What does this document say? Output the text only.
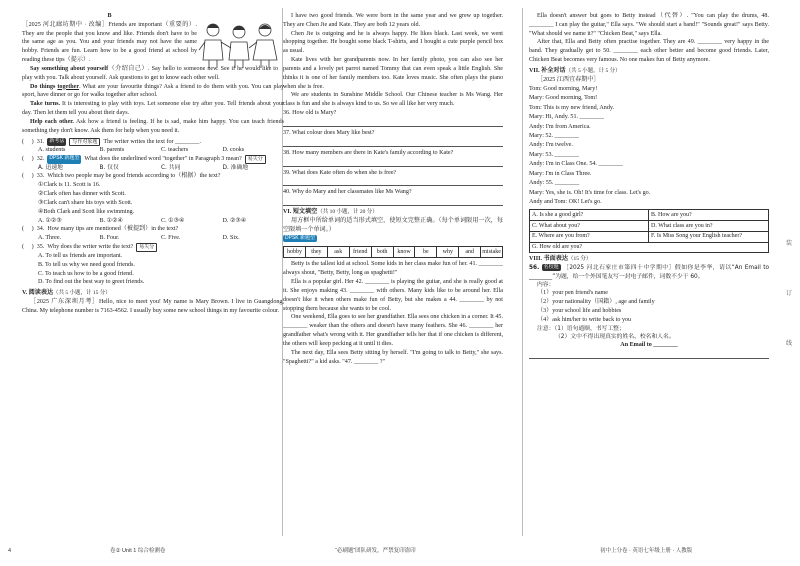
B

［2025 河北廊坊期中 · 改编］Friends are important（重要的）. They are the people that you know and like. Friends don't have to be the same age as you. You and your friends may not have the same hobby. Friends are fun. Learn how to be a good friend at school by reading these tips（提示）.

Say something about yourself（介绍自己）. Say hello to someone new. See if he would like to play with you. Talk about yourself. Ask questions to get to know each other well.

Do things together. What are your favourite things? Ask a friend to do them with you. You can play sport, have dinner or go for walks together after school.

Take turns. It is interesting to play with toys. Let someone else try after you. Tell friends about your day. Then let them tell you about their days.

Help each other. Ask how a friend is feeling. If he is sad, make him happy. You can teach friends something they don't know. Ask them for help when you need it.

(     ) 31.	新考法	写作对象题 The writer writes the text for ________.
A. students	B. parents	C. teachers	D. cooks
(     ) 32.	DPSK 新题型 What does the underlined word "together" in Paragraph 3 mean?	易失分
A. 迅速地	B. 仅仅	C. 共同	D. 准确地
(     ) 33. Which two people may be good friends according to（根据）the text?
①Clark is 11. Scott is 16.
②Clark often has dinner with Scott.
③Clark can't share his toys with Scott.
④Both Clark and Scott like swimming.
A. ①②③	B. ①②④	C. ①③④	D. ②③④
(     ) 34. How many tips are mentioned（被提到）in the text?
A. Three.	B. Four.	C. Five.	D. Six.
(     ) 35. Why does the writer write the text?	易失分
A. To tell us friends are important.
B. To tell us why we need good friends.
C. To teach us how to be a good friend.
D. To find out the best way to greet friends.
V. 阅读表达（共 5 小题，计 15 分）

［2025 广东深圳月考］Hello, nice to meet you! My name is Mary Brown. I live in Guangdong, China. My telephone number is 7163-4562. I usually buy some new school things in my favourite colour.

I have two good friends. We were born in the same year and we grew up together. They are Chen Jie and Kate. They are both 12 years old.

Chen Jie is outgoing and he is always happy. He likes black. Last week, we went shopping together. He bought some black T-shirts, and I bought a cute purple pencil box as usual.

Kate lives with her grandparents now. In her family photo, you can also see her parents and a lovely pet parrot named Tommy that can even speak a little English. She thinks it is one of her family members too. Kate loves music. She often plays the piano when she is free.

We are students in Sunshine Middle School. Our Chinese teacher is Ms Wang. Her class is fun and she is always kind to us. So we all like her very much.

36. How old is Mary?
37. What colour does Mary like best?
38. How many members are there in Kate's family according to Kate?
39. What does Kate often do when she is free?
40. Why do Mary and her classmates like Ms Wang?
VI. 短文填空（共 10 小题，计 20 分）

用方框中所给单词的适当形式填空，使短文完整正确。（每个单词限用一次，每空限填一个单词。）

DPSK 新题型
hobby	they	ask	friend	both	know	be	why	and	mistake

Betty is the tallest kid at school. Some kids in her class make fun of her. 41. ________ always shout, "Betty, Betty, long as spaghetti!"

Ella is a popular girl. Her 42. ________ is playing the guitar, and she is really good at it. She enjoys making 43. ________ with others. Many kids like to be around her. Ella doesn't like it when others make fun of Betty, but she makes a 44. ________ by not stopping them because she wants to be cool.

One weekend, Ella goes to see her grandfather. Ella sees one chicken in a corner. It 45. ________ weaker than the others and doesn't have many feathers. She 46. ________ her grandfather what's wrong with it. Her grandfather tells her that if one chicken is different, the others will keep pecking at it until it dies.

The next day, Ella sees Betty sitting by herself. "I'm going to talk to Betty," she says. "Spaghetti?" a kid asks. "47. ________ ?"

Ella doesn't answer but goes to Betty instead（代替）. "You can play the drums, 48. ________ I can play the guitar," Ella says. "We should start a band!" "Sounds great!" says Betty. "What should we name it?" "Chicken Beat," says Ella.

After that, Ella and Betty often practise together. They are 49. ________ very happy in the band. They gradually get to 50. ________ each other better and become good friends. Later, Chicken Beat becomes very famous. No one makes fun of Betty anymore.

VII. 补全对话（共 5 小题，计 5 分）
［2025 江西宜春期中］
Tom: Good morning, Mary!
Mary: Good morning, Tom!
Tom: This is my new friend, Andy.
Mary: Hi, Andy. 51. ________
Andy: I'm from America.
Mary: 52. ________
Andy: I'm twelve.
Mary: 53. ________
Andy: I'm in Class One. 54. ________
Mary: I'm in Class Three.
Andy: 55. ________
Mary: Yes, she is. Oh! It's time for class. Let's go.
Andy and Tom: OK! Let's go.
A. Is she a good girl?	B. How are you?
C. What about you?	D. What class are you in?
E. Where are you from?	F. Is Miss Song your English teacher?
G. How old are you?
VIII. 书面表达（15 分）

56. 名校题 ［2025 河北石家庄市第四十中学期中］假如你是李华，请以“An Email to ________”为题，给一个外国笔友写一封电子邮件，词数不少于 60。

内容：
（1）your pen friend's name
（2）your nationality（国籍）, age and family
（3）your school life and hobbies
（4）ask him/her to write back to you
注意：（1）语句通顺，书写工整；
（2）文中不得出现真实的姓名、校名和人名。
An Email to ________
装
订
线
4	卷② Unit 1 综合检测卷	“必刷题”团队研发，严禁复印盗印	初中上分卷 · 英语七年级上册 · 人教版
